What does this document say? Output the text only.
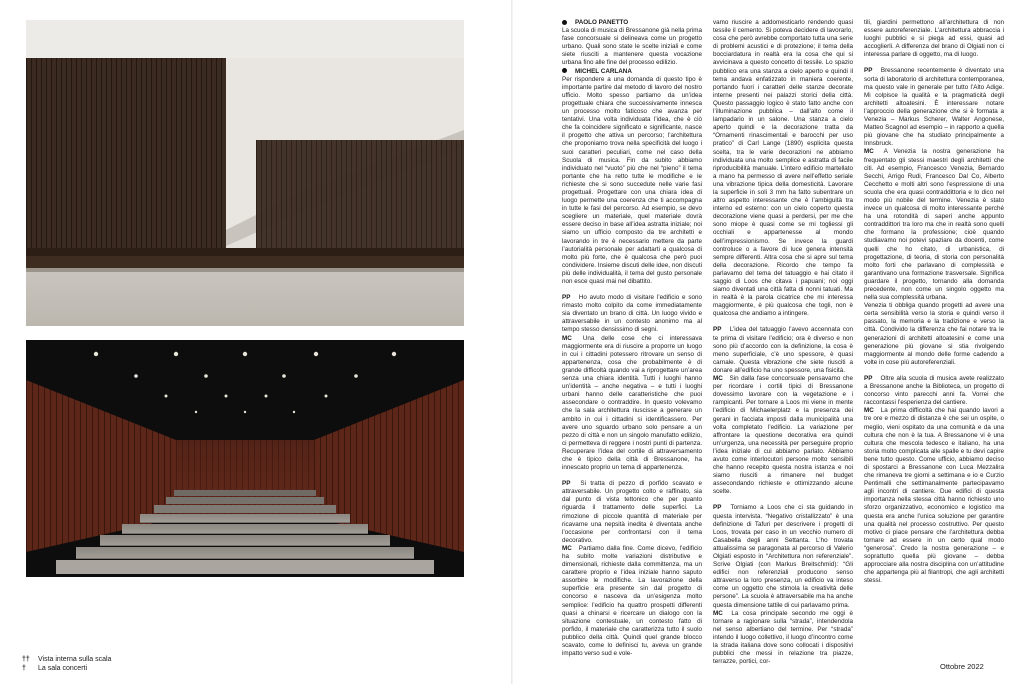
††	Vista interna sulla scala
†	La sala concerti

PAOLO PANETTO

La scuola di musica di Bressanone già nella prima fase concorsuale si delineava come un progetto urbano. Quali sono state le scelte iniziali e come siete riusciti a mantenere questa vocazione urbana fino alle fine del processo edilizio.

MICHEL CARLANA

Per rispondere a una domanda di questo tipo è importante partire dal metodo di lavoro del nostro ufficio. Molto spesso partiamo da un’idea progettuale chiara che successivamente innesca un processo molto faticoso che avanza per tentativi. Una volta individuata l’idea, che è ciò che fa coincidere significato e significante, nasce il progetto che attiva un percorso; l’architettura che proponiamo trova nella specificità del luogo i suoi caratteri peculiari, come nel caso della Scuola di musica. Fin da subito abbiamo individuato nel “vuoto” più che nel “pieno” il tema portante che ha retto tutte le modifiche e le richieste che si sono succedute nelle varie fasi progettuali. Progettare con una chiara idea di luogo permette una coerenza che ti accompagna in tutte le fasi del percorso. Ad esempio, se devo scegliere un materiale, quel materiale dovrà essere deciso in base all’idea astratta iniziale; noi siamo un ufficio composto da tre architetti e lavorando in tre è necessario mettere da parte l’autorialità personale per adattarti a qualcosa di molto più forte, che è qualcosa che però puoi condividere. Insieme discuti delle idee, non discuti più delle individualità, il tema del gusto personale non esce quasi mai nel dibattito.

PP Ho avuto modo di visitare l’edificio e sono rimasto molto colpito da come immediatamente sia diventato un brano di città. Un luogo vivido e attraversabile in un contesto anonimo ma al tempo stesso densissimo di segni.

MC Una delle cose che ci interessava maggiormente era di riuscire a proporre un luogo in cui i cittadini potessero ritrovare un senso di appartenenza, cosa che probabilmente è di grande difficoltà quando vai a riprogettare un’area senza una chiara identità. Tutti i luoghi hanno un’identità – anche negativa – e tutti i luoghi urbani hanno delle caratteristiche che puoi assecondare o contraddire. In questo volevamo che la sala architettura riuscisse a generare un ambito in cui i cittadini si identificassero. Per avere uno sguardo urbano solo pensare a un pezzo di città e non un singolo manufatto edilizio, ci permetteva di reggere i nostri punti di partenza. Recuperare l’idea del cortile di attraversamento che è tipico della città di Bressanone, ha innescato proprio un tema di appartenenza.

PP Si tratta di pezzo di porfido scavato e attraversabile. Un progetto colto e raffinato, sia dal punto di vista tettonico che per quanto riguarda il trattamento delle superfici. La rimozione di piccole quantità di materiale per ricavarne una nepsità inedita è diventata anche l’occasione per confrontarsi con il tema decorativo.

MC Partiamo dalla fine. Come dicevo, l’edificio ha subito molte variazioni distributive e dimensionali, richieste dalla committenza, ma un carattere proprio e l’idea iniziale hanno saputo assorbire le modifiche. La lavorazione della superficie era presente sin dal progetto di concorso e nasceva da un’esigenza molto semplice: l’edificio ha quattro prospetti differenti quasi a chinarsi e ricercare un dialogo con la situazione contestuale, un contesto fatto di porfido, il materiale che caratterizza tutto il suolo pubblico della città. Quindi quel grande blocco scavato, come lo definisci tu, aveva un grande impatto verso sud e vole-

vamo riuscire a addomesticarlo rendendo quasi tessile il cemento. Si poteva decidere di lavorarlo, cosa che però avrebbe comportato tutta una serie di problemi acustici e di protezione; il tema della bocciardatura in realtà era la cosa che qui si avvicinava a questo concetto di tessile. Lo spazio pubblico era una stanza a cielo aperto e quindi il tema andava enfatizzato in maniera coerente, portando fuori i caratteri delle stanze decorate interne presenti nei palazzi storici della città. Questo passaggio logico è stato fatto anche con l’illuminazione pubblica – dall’alto come il lampadario in un salone. Una stanza a cielo aperto quindi e la decorazione tratta da “Ornamenti rinascimentali e barocchi per uso pratico” di Carl Lange (1890) esplicita questa scelta, tra le varie decorazioni ne abbiamo individuata una molto semplice e astratta di facile riproducibilità manuale. L’intero edificio martellato a mano ha permesso di avere nell’effetto seriale una vibrazione tipica della domesticità. Lavorare la superficie in soli 3 mm ha fatto subentrare un altro aspetto interessante che è l’ambiguità tra interno ed esterno: con un cielo coperto questa decorazione viene quasi a perdersi, per me che sono miope è quasi come se mi togliessi gli occhiali e appartenesse al mondo dell’impressionismo. Se invece la guardi controluce o a favore di luce genera intensità sempre differenti. Altra cosa che si apre sul tema della decorazione. Ricordo che tempo fa parlavamo del tema del tatuaggio e hai citato il saggio di Loos che citava i papuani; noi oggi siamo diventati una città fatta di nonni tatuati. Ma in realtà è la parola cicatrice che mi interessa maggiormente, è più qualcosa che togli, non è qualcosa che andiamo a intingere.

PP L’idea del tatuaggio l’avevo accennata con te prima di visitare l’edificio; ora è diverso e non sono più d’accordo con la definizione, la cosa è meno superficiale, c’è uno spessore, è quasi carnale. Questa vibrazione che siete riusciti a donare all’edificio ha uno spessore, una fisicità.

MC Sin dalla fase concorsuale pensavamo che per ricordare i cortili tipici di Bressanone dovessimo lavorare con la vegetazione e i rampicanti. Per tornare a Loos mi viene in mente l’edificio di Michaelerplatz e la presenza dei gerani in facciata imposti dalla municipalità una volta completato l’edificio. La variazione per affrontare la questione decorativa era quindi un’urgenza, una necessità per perseguire proprio l’idea iniziale di cui abbiamo parlato. Abbiamo avuto come interlocutori persone molto sensibili che hanno recepito questa nostra istanza e noi siamo riusciti a rimanere nel budget assecondando richieste e ottimizzando alcune scelte.

PP Torniamo a Loos che ci sta guidando in questa intervista. “Negativo cristallizzato” è una definizione di Tafuri per descrivere i progetti di Loos, trovata per caso in un vecchio numero di Casabella degli anni Settanta. L’ho trovata attualissima se paragonata al percorso di Valerio Olgiati esposto in “Architettura non referenziale”. Scrive Olgiati (con Markus Breitschmid): “Gli edifici non referenziali producono senso attraverso la loro presenza, un edificio va inteso come un oggetto che stimola la creatività delle persone”. La scuola è attraversabile ma ha anche questa dimensione tattile di cui parlavamo prima.

MC La cosa principale secondo me oggi è tornare a ragionare sulla “strada”, intendendola nel senso albertiano del termine. Per “strada” intendo il luogo collettivo, il luogo d’incontro come la strada italiana dove sono collocati i dispositivi pubblici che messi in relazione tra piazze, terrazze, portici, cor-

tili, giardini permettono all’architettura di non essere autoreferenziale. L’architettura abbraccia i luoghi pubblici e si piega ad essi, quasi ad accoglierli. A differenza del brano di Olgiati non ci interessa parlare di oggetto, ma di luogo.

PP Bressanone recentemente è diventato una sorta di laboratorio di architettura contemporanea, ma questo vale in generale per tutto l’Alto Adige. Mi colpisce la qualità e la pragmaticità degli architetti altoatesini. È interessare notare l’approccio della generazione che si è formata a Venezia – Markus Scherer, Walter Angonese, Matteo Scagnol ad esempio – in rapporto a quella più giovane che ha studiato principalmente a Innsbruck.

MC A Venezia la nostra generazione ha frequentato gli stessi maestri degli architetti che citi. Ad esempio, Francesco Venezia, Bernardo Secchi, Arrigo Rudi, Francesco Dal Co, Alberto Cecchetto e molti altri sono l’espressione di una scuola che era quasi contraddittoria e lo dico nel modo più nobile del termine. Venezia è stato invece un qualcosa di molto interessante perché ha una rotondità di saperi anche appunto contraddittori tra loro ma che in realtà sono quelli che formano la professione; cioè quando studiavamo noi potevi spaziare da docenti, come quelli che ho citato, di urbanistica, di progettazione, di teoria, di storia con personalità molto forti che parlavano di complessità e garantivano una formazione trasversale. Significa guardare il progetto, tornando alla domanda precedente, non come un singolo oggetto ma nella sua complessità urbana.

Venezia ti obbliga quando progetti ad avere una certa sensibilità verso la storia e quindi verso il passato, la memoria e la tradizione e verso la città. Condivido la differenza che fai notare tra le generazioni di architetti altoatesini e come una generazione più giovane si stia rivolgendo maggiormente al mondo delle forme cadendo a volte in cose più autoreferenziali.

PP Oltre alla scuola di musica avete realizzato a Bressanone anche la Biblioteca, un progetto di concorso vinto parecchi anni fa. Vorrei che raccontassi l’esperienza del cantiere.

MC La prima difficoltà che hai quando lavori a tre ore e mezzo di distanza è che sei un ospite, o meglio, vieni ospitato da una comunità e da una cultura che non è la tua. A Bressanone vi è una cultura che mescola tedesco e italiano, ha una storia molto complicata alle spalle e tu devi capire bene tutto questo. Come ufficio, abbiamo deciso di spostarci a Bressanone con Luca Mezzalira che rimaneva tre giorni a settimana e io e Curzio Pentimalli che settimanalmente partecipavamo agli incontri di cantiere. Due edifici di questa importanza nella stessa città hanno richiesto uno sforzo organizzativo, economico e logistico ma questa era anche l’unica soluzione per garantire una qualità nel processo costruttivo. Per questo motivo ci piace pensare che l’architettura debba tornare ad essere in un certo qual modo “generosa”. Credo la nostra generazione – e soprattutto quella più giovane – debba approcciare alla nostra disciplina con un’attitudine che appartenga più al filantropi, che agli architetti stessi.

Ottobre 2022
